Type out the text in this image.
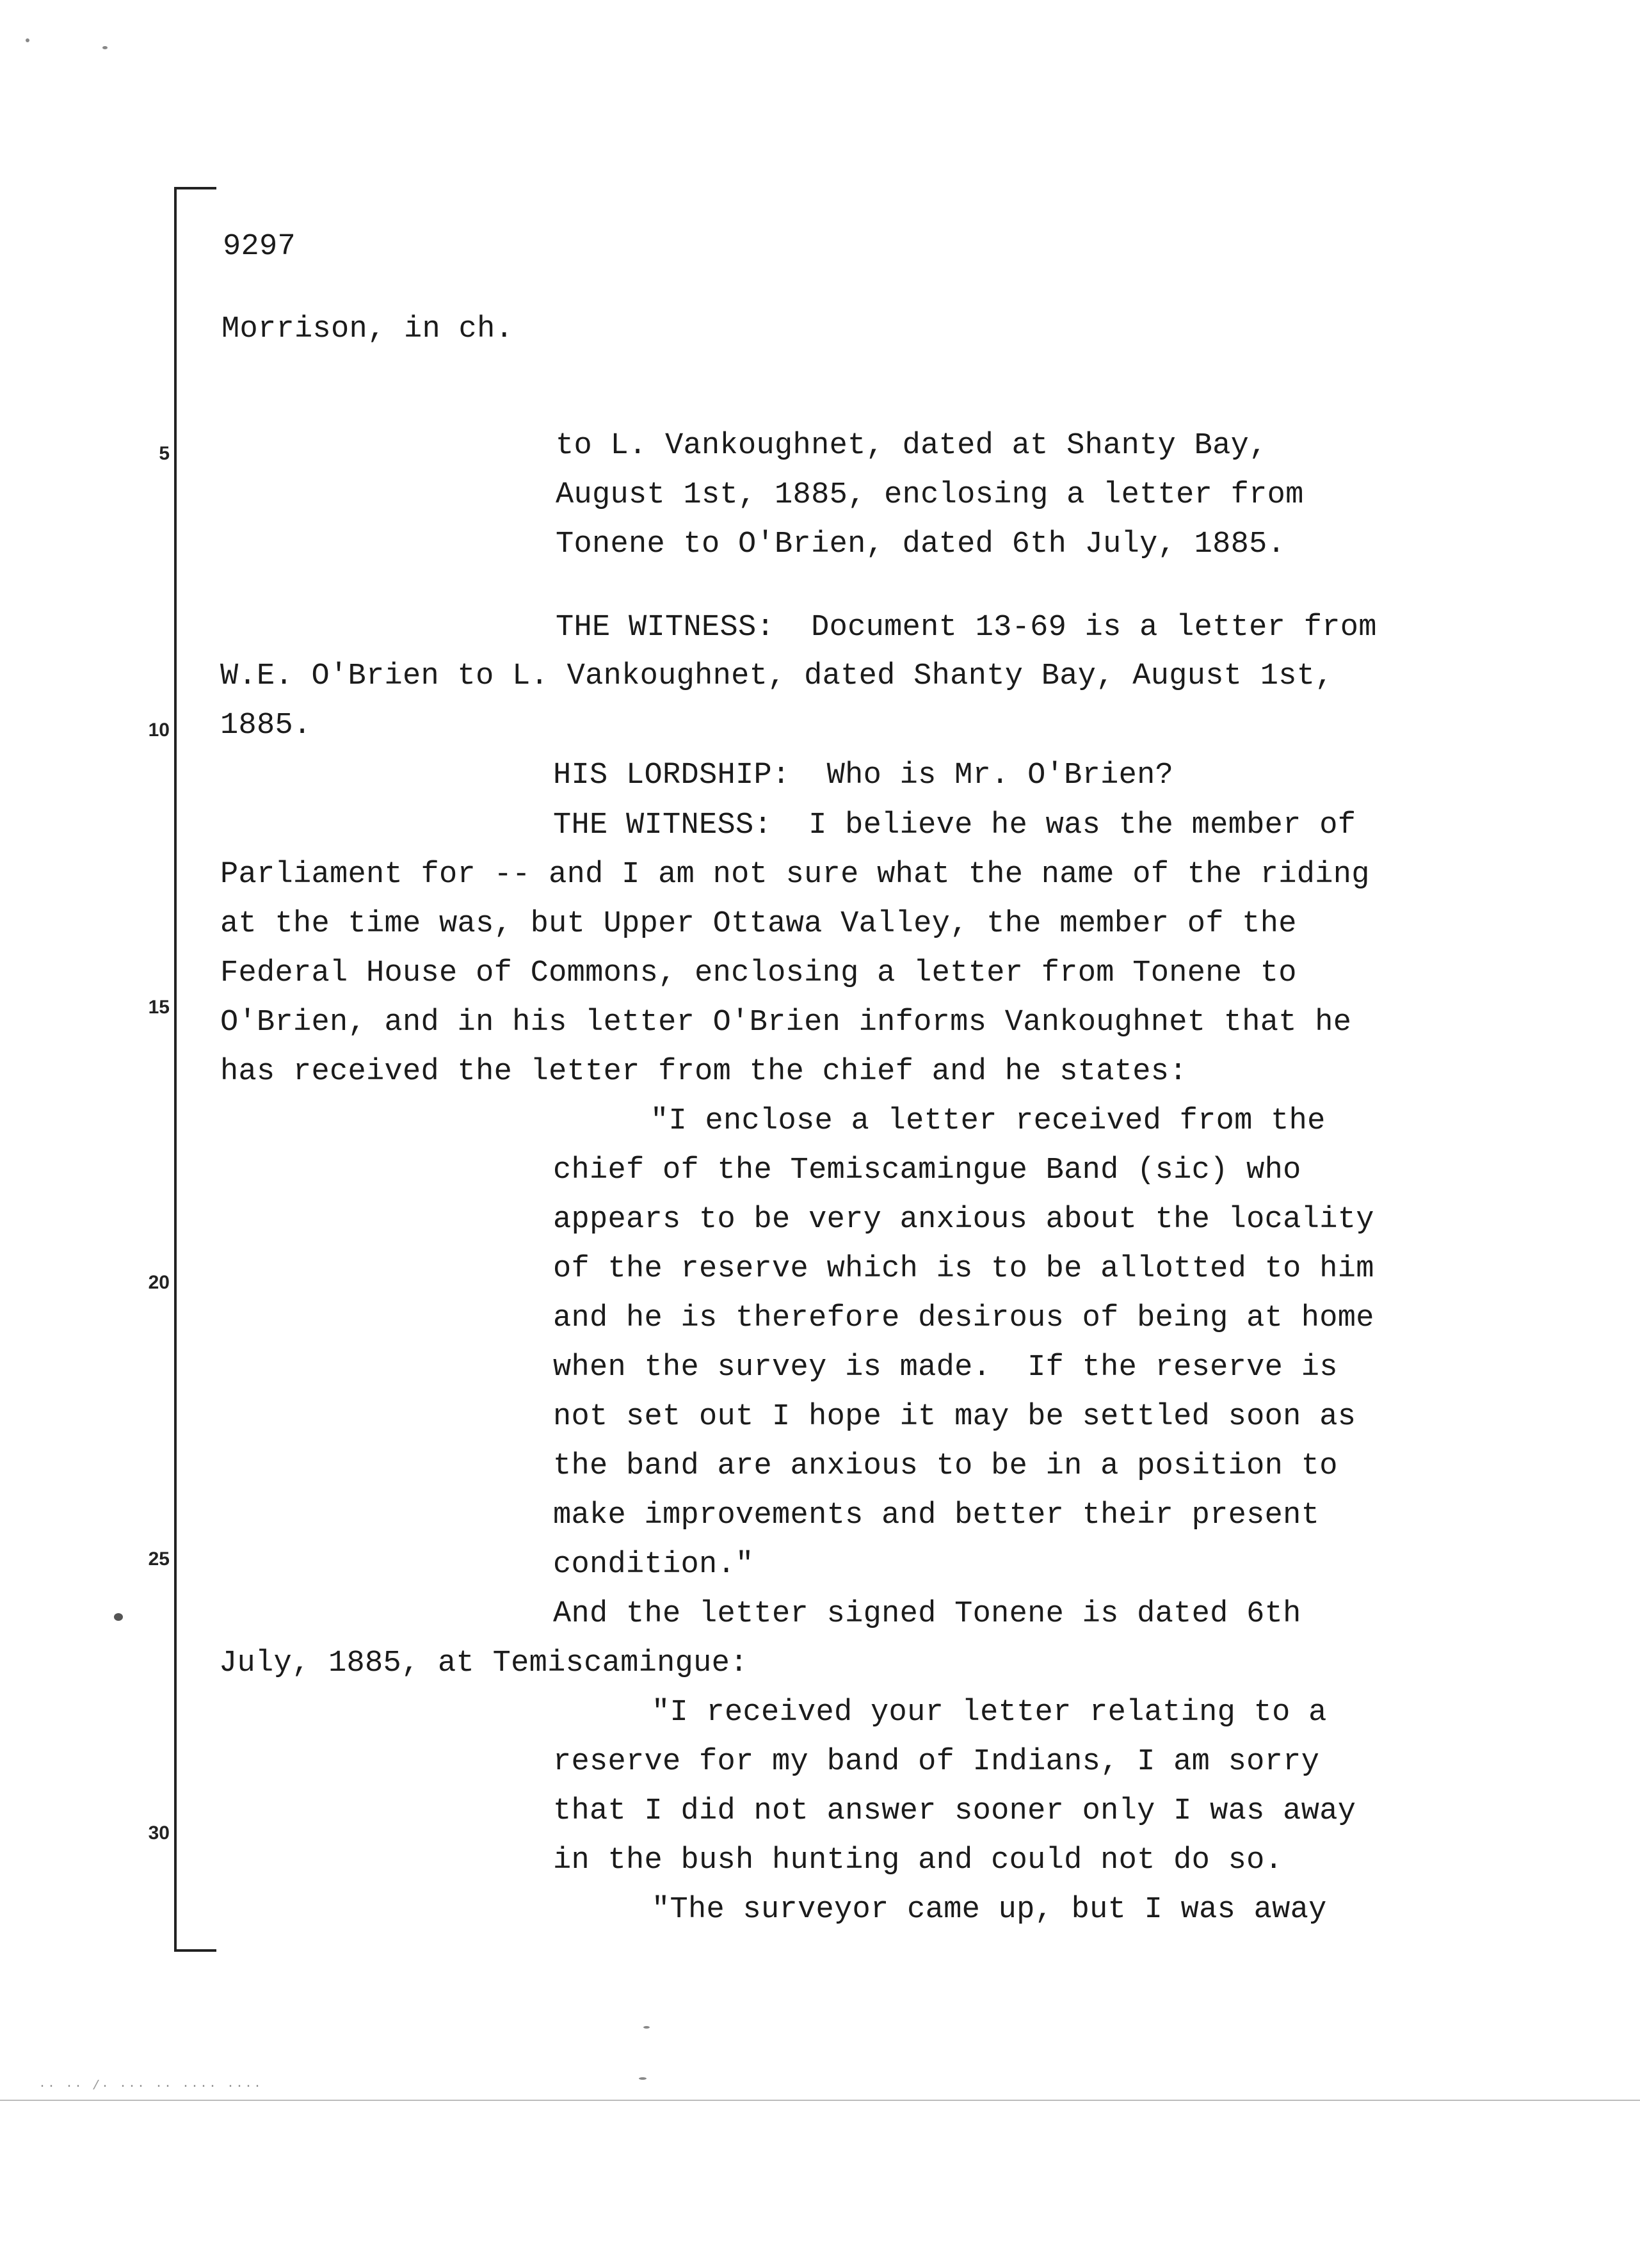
5
10
15
20
25
30
9297
Morrison, in ch.
to L. Vankoughnet, dated at Shanty Bay,
August 1st, 1885, enclosing a letter from
Tonene to O'Brien, dated 6th July, 1885.
THE WITNESS:  Document 13-69 is a letter from
W.E. O'Brien to L. Vankoughnet, dated Shanty Bay, August 1st,
1885.
HIS LORDSHIP:  Who is Mr. O'Brien?
THE WITNESS:  I believe he was the member of
Parliament for -- and I am not sure what the name of the riding
at the time was, but Upper Ottawa Valley, the member of the
Federal House of Commons, enclosing a letter from Tonene to
O'Brien, and in his letter O'Brien informs Vankoughnet that he
has received the letter from the chief and he states:
"I enclose a letter received from the
chief of the Temiscamingue Band (sic) who
appears to be very anxious about the locality
of the reserve which is to be allotted to him
and he is therefore desirous of being at home
when the survey is made.  If the reserve is
not set out I hope it may be settled soon as
the band are anxious to be in a position to
make improvements and better their present
condition."
And the letter signed Tonene is dated 6th
July, 1885, at Temiscamingue:
"I received your letter relating to a
reserve for my band of Indians, I am sorry
that I did not answer sooner only I was away
in the bush hunting and could not do so.
"The surveyor came up, but I was away
·· ·· /· ··· ·· ···· ····
